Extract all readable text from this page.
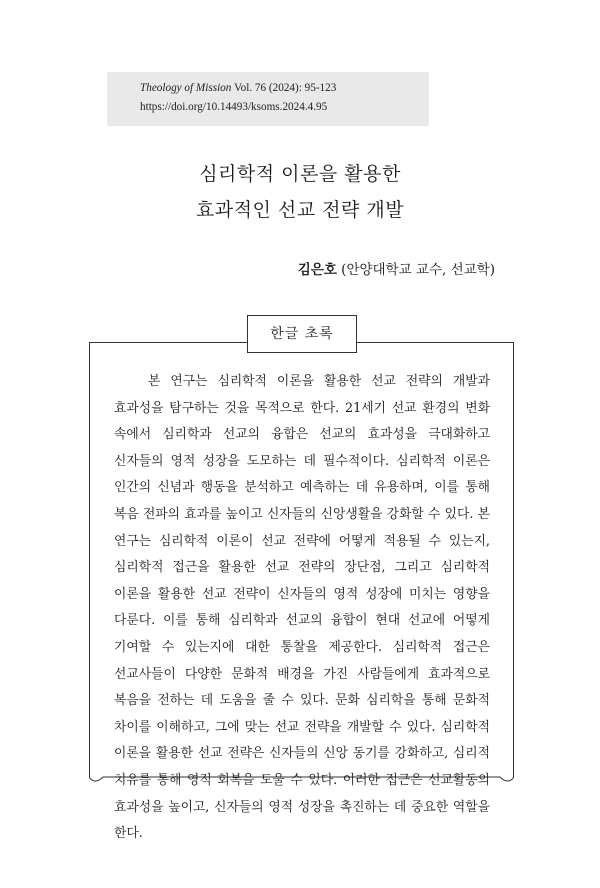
Theology of Mission Vol. 76 (2024): 95-123
https://doi.org/10.14493/ksoms.2024.4.95
심리학적 이론을 활용한
효과적인 선교 전략 개발
김은호 (안양대학교 교수, 선교학)
한글 초록
본 연구는 심리학적 이론을 활용한 선교 전략의 개발과 효과성을 탐구하는 것을 목적으로 한다. 21세기 선교 환경의 변화 속에서 심리학과 선교의 융합은 선교의 효과성을 극대화하고 신자들의 영적 성장을 도모하는 데 필수적이다. 심리학적 이론은 인간의 신념과 행동을 분석하고 예측하는 데 유용하며, 이를 통해 복음 전파의 효과를 높이고 신자들의 신앙생활을 강화할 수 있다. 본 연구는 심리학적 이론이 선교 전략에 어떻게 적용될 수 있는지, 심리학적 접근을 활용한 선교 전략의 장단점, 그리고 심리학적 이론을 활용한 선교 전략이 신자들의 영적 성장에 미치는 영향을 다룬다. 이를 통해 심리학과 선교의 융합이 현대 선교에 어떻게 기여할 수 있는지에 대한 통찰을 제공한다. 심리학적 접근은 선교사들이 다양한 문화적 배경을 가진 사람들에게 효과적으로 복음을 전하는 데 도움을 줄 수 있다. 문화 심리학을 통해 문화적 차이를 이해하고, 그에 맞는 선교 전략을 개발할 수 있다. 심리학적 이론을 활용한 선교 전략은 신자들의 신앙 동기를 강화하고, 심리적 치유를 통해 영적 회복을 도울 수 있다. 이러한 접근은 선교활동의 효과성을 높이고, 신자들의 영적 성장을 촉진하는 데 중요한 역할을 한다.
